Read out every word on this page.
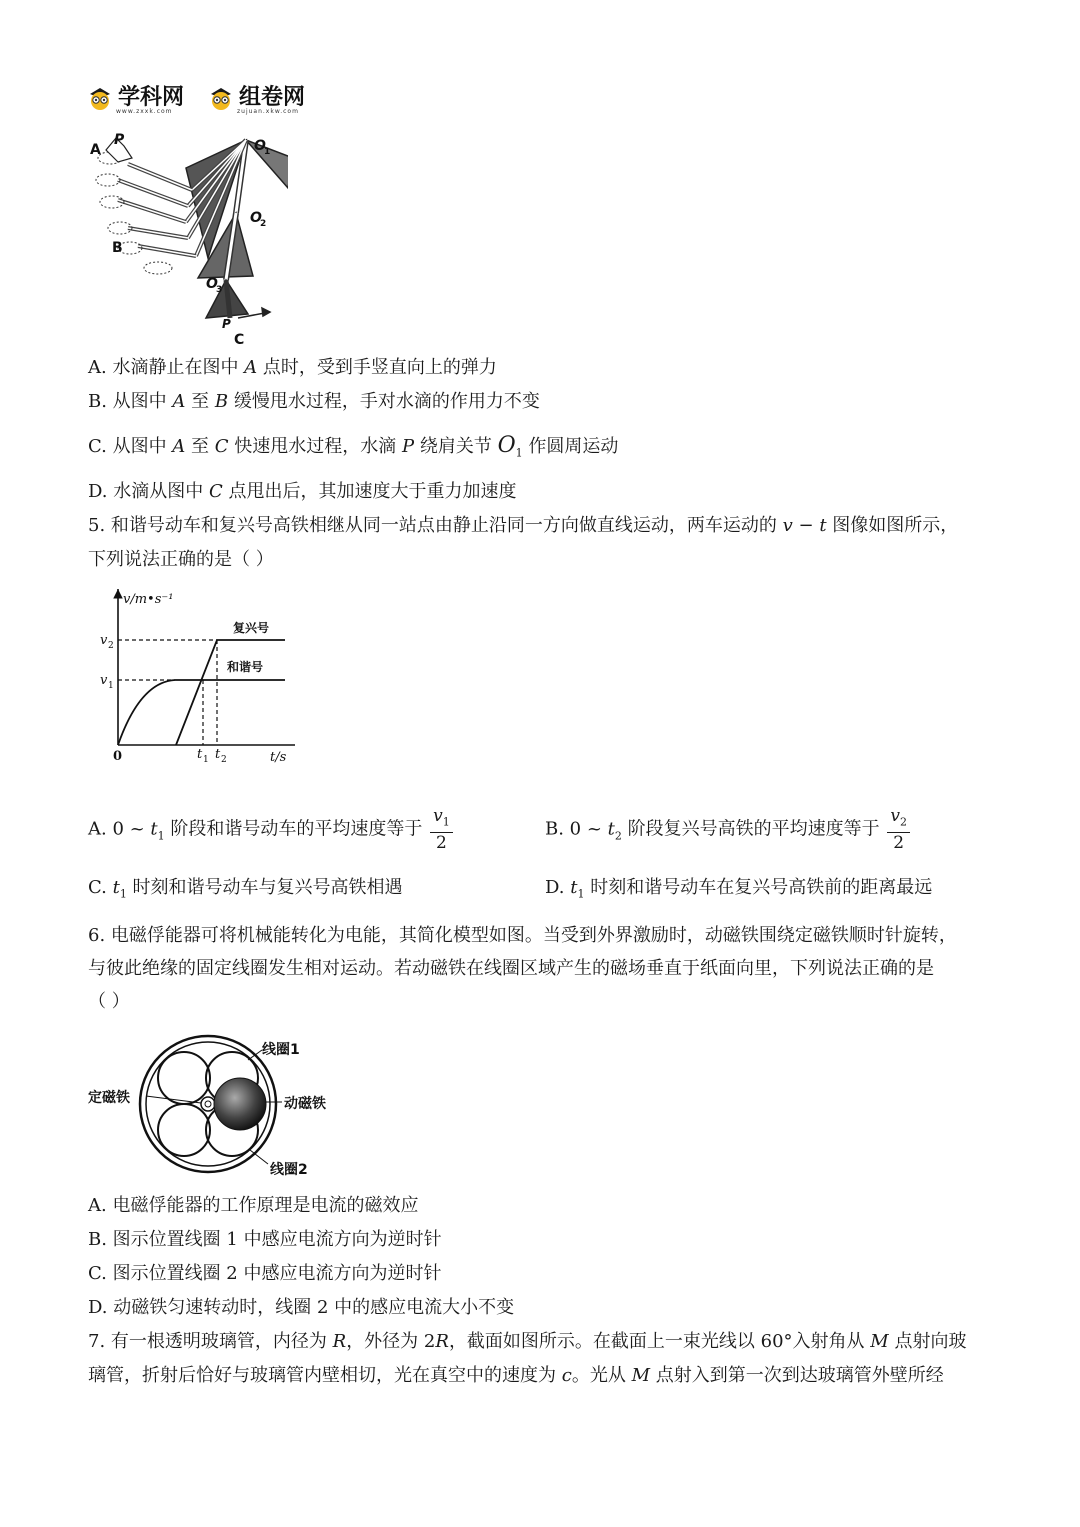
学科网
www.zxxk.com
组卷网
zujuan.xkw.com
A
P
B
C
P
O
1
O
2
O
3
A. 水滴静止在图中 A 点时，受到手竖直向上的弹力
B. 从图中 A 至 B 缓慢甩水过程，手对水滴的作用力不变
C. 从图中 A 至 C 快速甩水过程，水滴 P 绕肩关节 $O_1$ 作圆周运动
D. 水滴从图中 C 点甩出后，其加速度大于重力加速度
5. 和谐号动车和复兴号高铁相继从同一站点由静止沿同一方向做直线运动，两车运动的 v − t 图像如图所示，
下列说法正确的是（ ）
v/m•s⁻¹
t/s
0
v 2
v 1
t 1 t 2
复兴号
和谐号
A. 0 ~ $t_1$ 阶段和谐号动车的平均速度等于 $\frac{v_1}{2}$	B. 0 ~ $t_2$ 阶段复兴号高铁的平均速度等于 $\frac{v_2}{2}$
C. $t_1$ 时刻和谐号动车与复兴号高铁相遇	D. $t_1$ 时刻和谐号动车在复兴号高铁前的距离最远
6. 电磁俘能器可将机械能转化为电能，其简化模型如图。当受到外界激励时，动磁铁围绕定磁铁顺时针旋转，
与彼此绝缘的固定线圈发生相对运动。若动磁铁在线圈区域产生的磁场垂直于纸面向里，下列说法正确的是
（ ）
线圈1
线圈2
定磁铁	动磁铁
A. 电磁俘能器的工作原理是电流的磁效应
B. 图示位置线圈 1 中感应电流方向为逆时针
C. 图示位置线圈 2 中感应电流方向为逆时针
D. 动磁铁匀速转动时，线圈 2 中的感应电流大小不变
7. 有一根透明玻璃管，内径为 R，外径为 2R，截面如图所示。在截面上一束光线以 60°入射角从 M 点射向玻
璃管，折射后恰好与玻璃管内壁相切，光在真空中的速度为 c。光从 M 点射入到第一次到达玻璃管外壁所经
